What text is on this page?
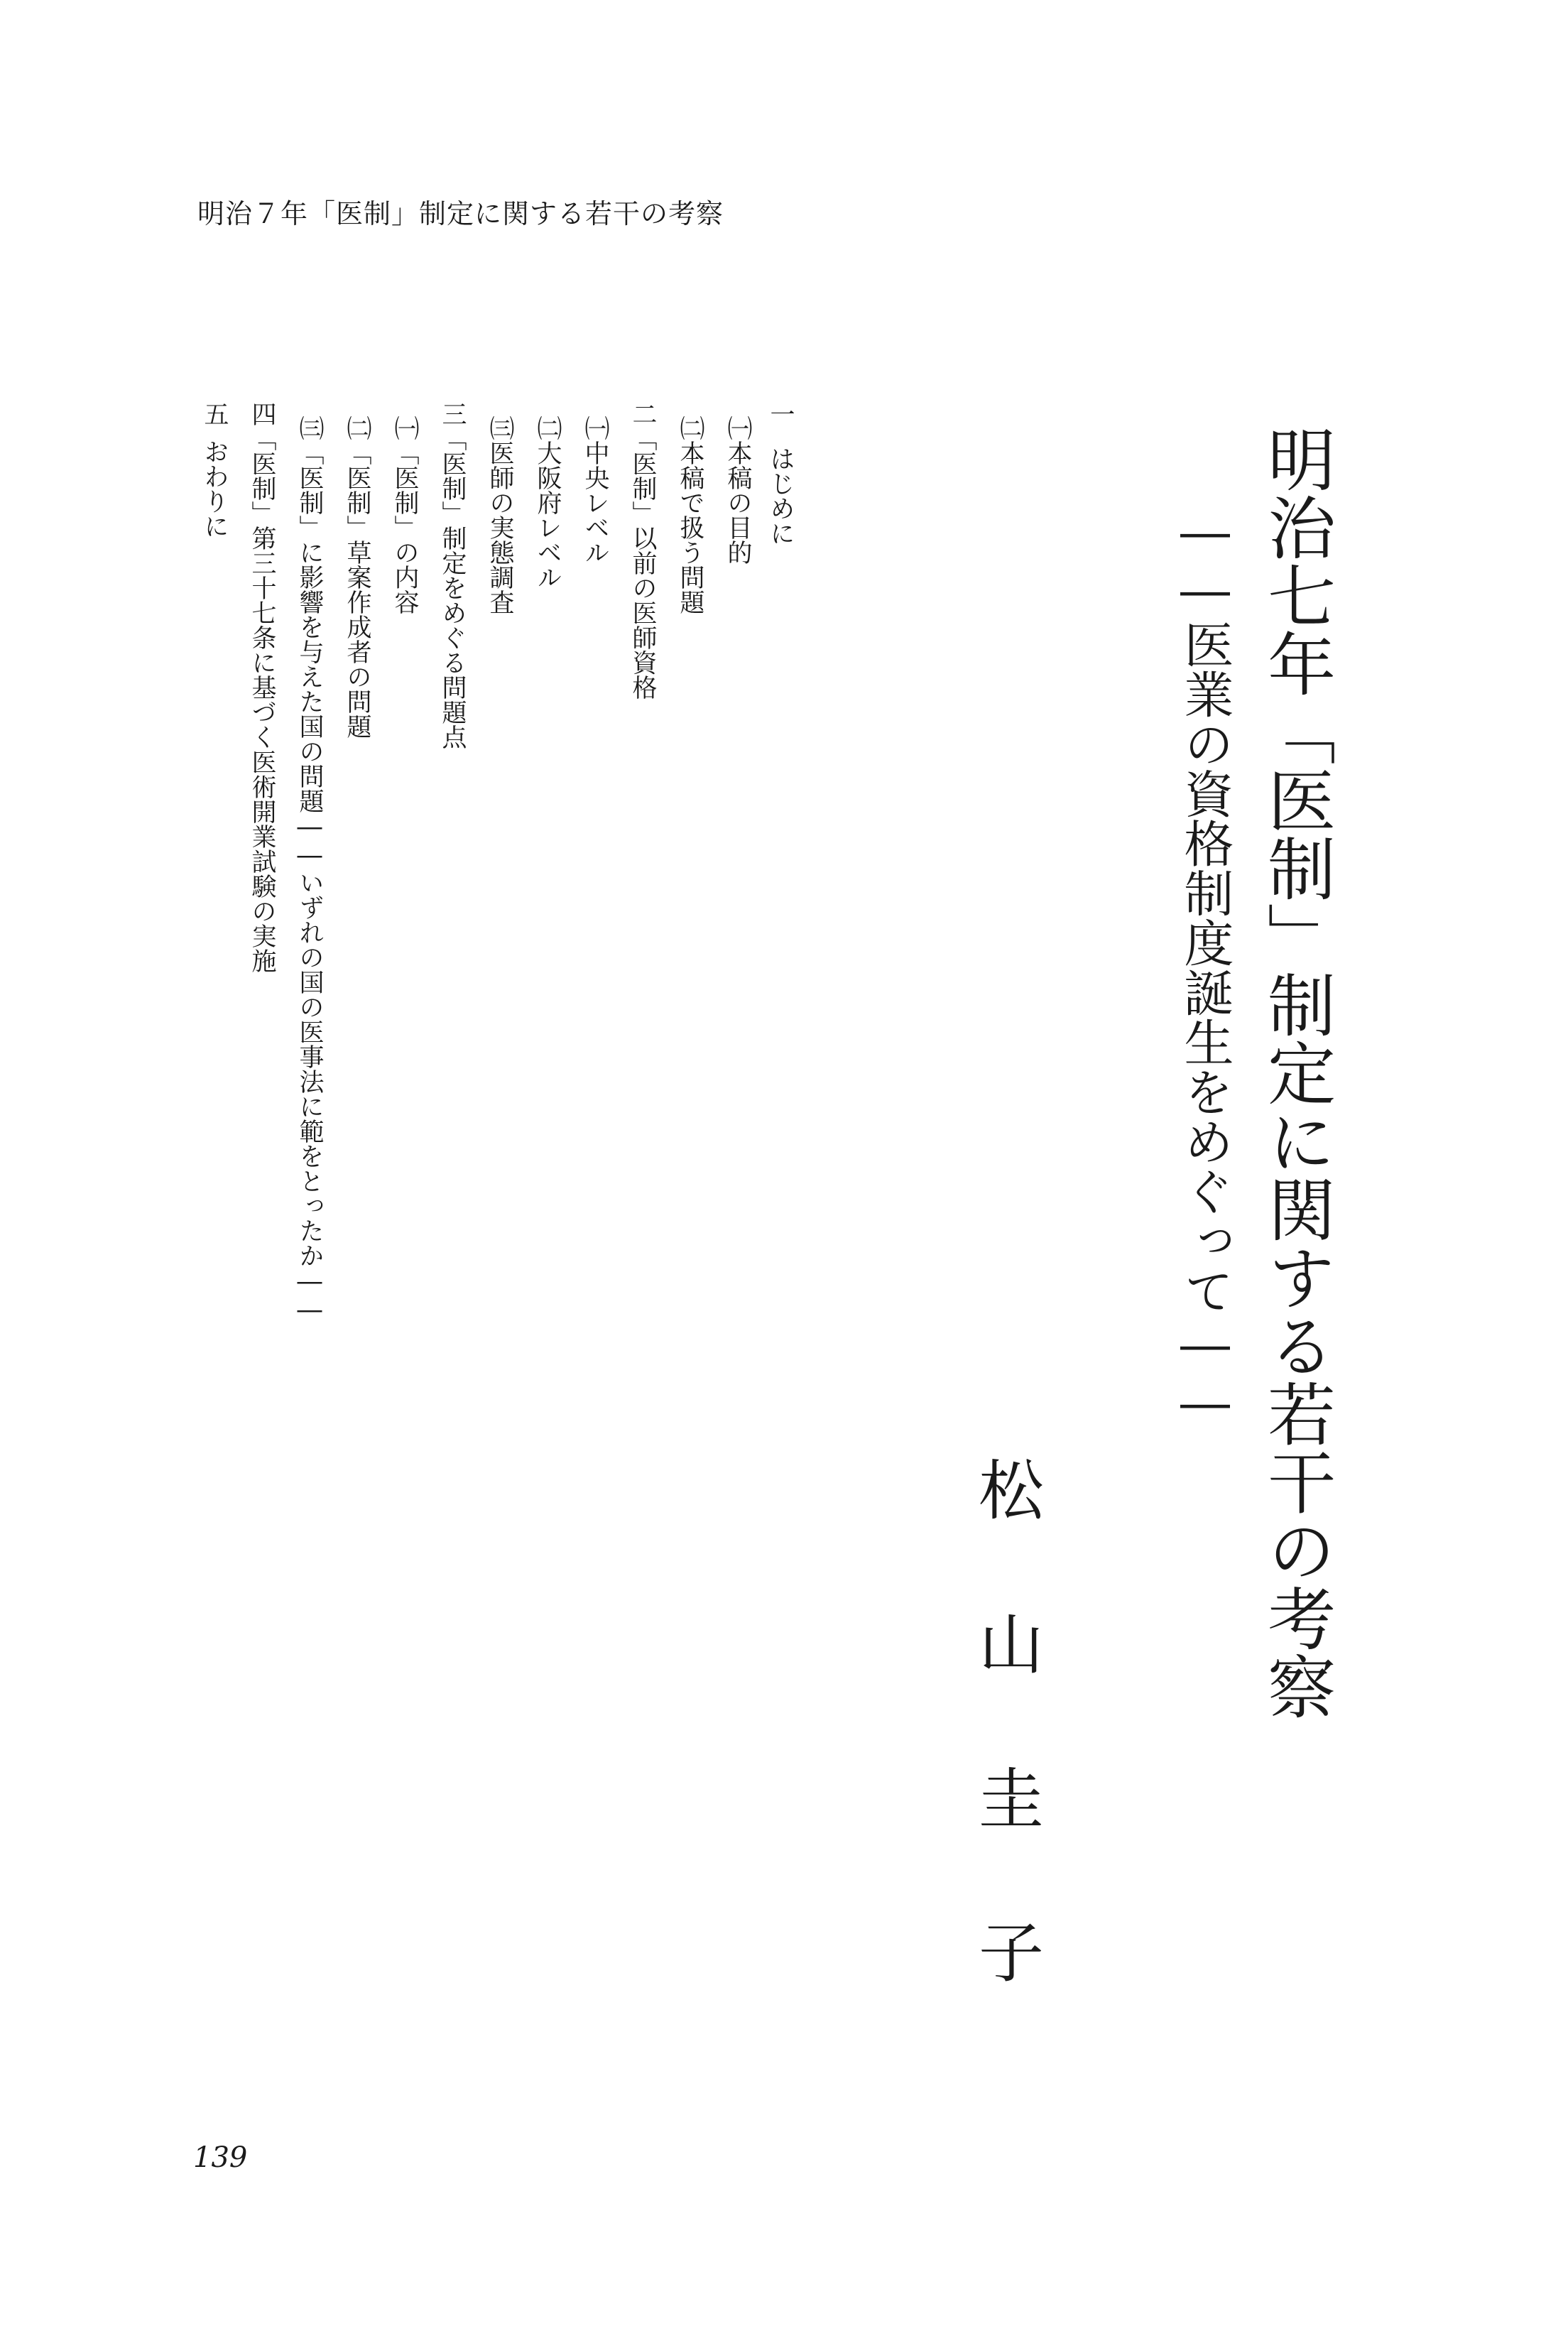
明治７年「医制」制定に関する若干の考察
明治七年「医制」制定に関する若干の考察
――医業の資格制度誕生をめぐって――
松山圭子
一はじめに
㈠本稿の目的
㈡本稿で扱う問題
二「医制」以前の医師資格
㈠中央レベル
㈡大阪府レベル
㈢医師の実態調査
三「医制」制定をめぐる問題点
㈠「医制」の内容
㈡「医制」草案作成者の問題
㈢「医制」に影響を与えた国の問題――いずれの国の医事法に範をとったか――
四「医制」第三十七条に基づく医術開業試験の実施
五おわりに
139
